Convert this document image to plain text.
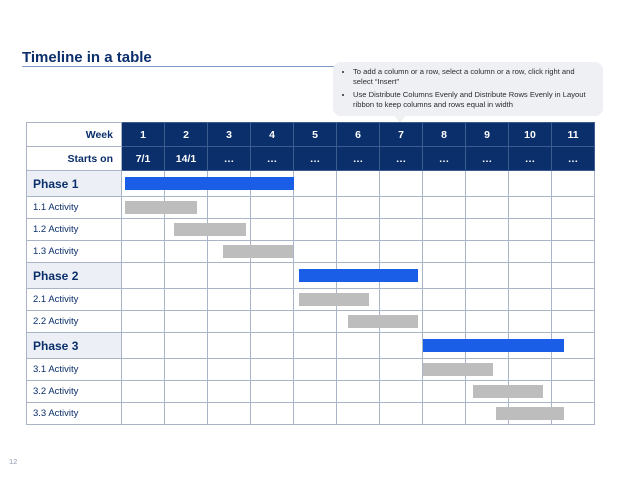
Timeline in a table
• To add a column or a row, select a column or a row, click right and select “Insert”
• Use Distribute Columns Evenly and Distribute Rows Evenly in Layout ribbon to keep columns and rows equal in width
Week	1	2	3	4	5	6	7	8	9	10	11
Starts on	7/1	14/1	…	…	…	…	…	…	…	…	…
Phase 1											
1.1 Activity											
1.2 Activity											
1.3 Activity											
Phase 2											
2.1 Activity											
2.2 Activity											
Phase 3											
3.1 Activity											
3.2 Activity											
3.3 Activity											
12
